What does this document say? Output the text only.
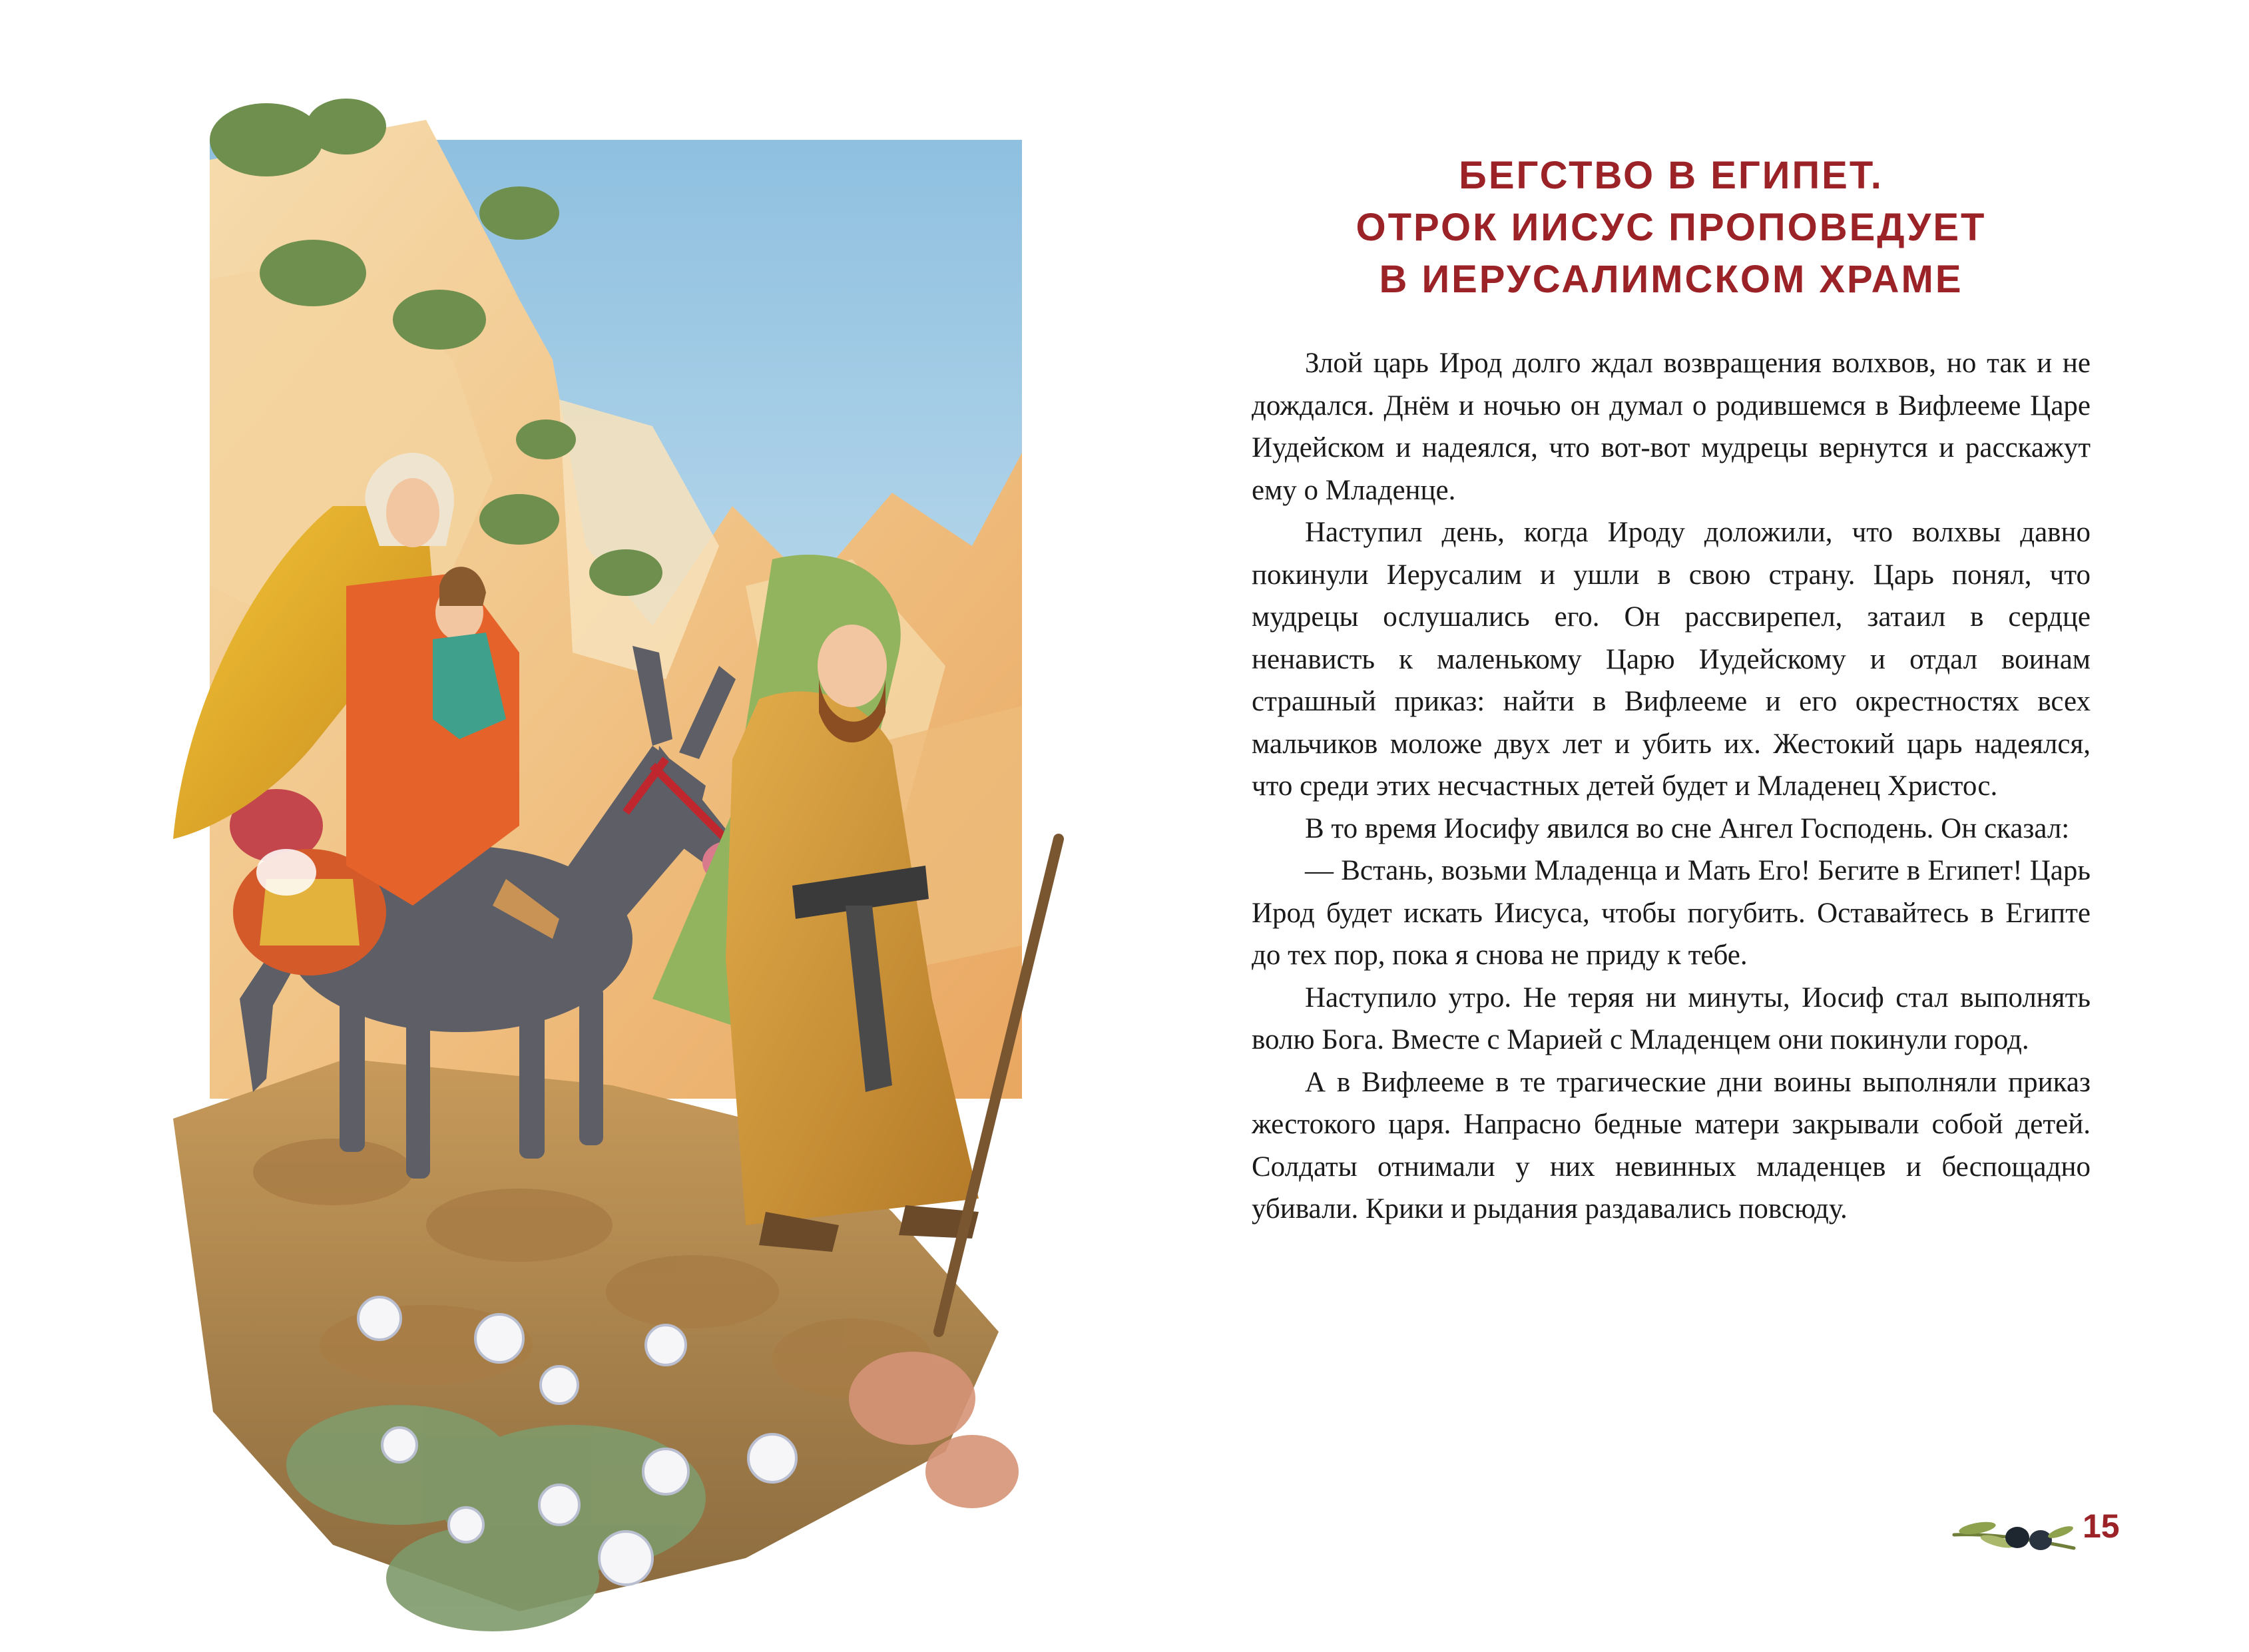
БЕГСТВО В ЕГИПЕТ.
ОТРОК ИИСУС ПРОПОВЕДУЕТ
В ИЕРУСАЛИМСКОМ ХРАМЕ

Злой царь Ирод долго ждал возвращения волхвов, но так и не дождался. Днём и ночью он думал о родившемся в Вифлееме Царе Иудейском и надеялся, что вот-вот мудрецы вернутся и расскажут ему о Младенце.

Наступил день, когда Ироду доложили, что волхвы давно покинули Иерусалим и ушли в свою страну. Царь понял, что мудрецы ослушались его. Он рассвирепел, затаил в сердце ненависть к маленькому Царю Иудейскому и отдал воинам страшный приказ: найти в Вифлееме и его окрестностях всех мальчиков моложе двух лет и убить их. Жестокий царь надеялся, что среди этих несчастных детей будет и Младенец Христос.

В то время Иосифу явился во сне Ангел Господень. Он сказал:

— Встань, возьми Младенца и Мать Его! Бегите в Египет! Царь Ирод будет искать Иисуса, чтобы погубить. Оставайтесь в Египте до тех пор, пока я снова не приду к тебе.

Наступило утро. Не теряя ни минуты, Иосиф стал выполнять волю Бога. Вместе с Марией с Младенцем они покинули город.

А в Вифлееме в те трагические дни воины выполняли приказ жестокого царя. Напрасно бедные матери закрывали собой детей. Солдаты отнимали у них невинных младенцев и беспощадно убивали. Крики и рыдания раздавались повсюду.

15
